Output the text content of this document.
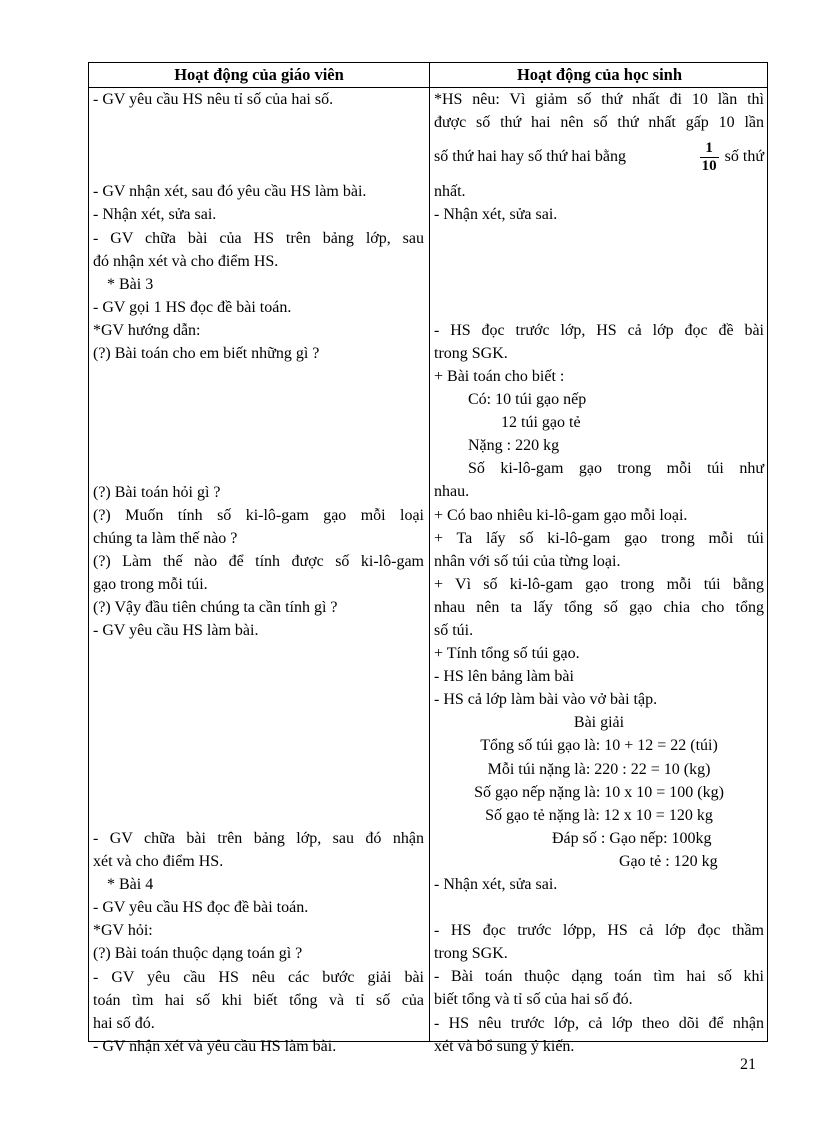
Hoạt động của giáo viên	Hoạt động của học sinh
- GV yêu cầu HS nêu tỉ số của hai số.
- GV nhận xét, sau đó yêu cầu HS làm bài.
- Nhận xét, sửa sai.
- GV chữa bài của HS trên bảng lớp, sau
đó nhận xét và cho điểm HS.
* Bài 3
- GV gọi 1 HS đọc đề bài toán.
*GV hướng dẫn:
(?) Bài toán cho em biết những gì ?
(?) Bài toán hỏi gì ?
(?) Muốn tính số ki-lô-gam gạo mỗi loại
chúng ta làm thế nào ?
(?) Làm thế nào để tính được số ki-lô-gam
gạo trong mỗi túi.
(?) Vậy đầu tiên chúng ta cần tính gì ?
- GV yêu cầu HS làm bài.
- GV chữa bài trên bảng lớp, sau đó nhận
xét và cho điểm HS.
* Bài 4
- GV yêu cầu HS đọc đề bài toán.
*GV hỏi:
(?) Bài toán thuộc dạng toán gì ?
- GV yêu cầu HS nêu các bước giải bài
toán tìm hai số khi biết tổng và tỉ số của
hai số đó.
- GV nhận xét và yêu cầu HS làm bài.
*HS nêu: Vì giảm số thứ nhất đi 10 lần thì
được số thứ hai nên số thứ nhất gấp 10 lần
số thứ hai hay số thứ hai bằng	$\frac{1}{10}$ số thứ
nhất.
- Nhận xét, sửa sai.
- HS đọc trước lớp, HS cả lớp đọc đề bài
trong SGK.
+ Bài toán cho biết :
Có: 10 túi gạo nếp
12 túi gạo tẻ
Nặng : 220 kg
Số ki-lô-gam gạo trong mỗi túi như
nhau.
+ Có bao nhiêu ki-lô-gam gạo mỗi loại.
+ Ta lấy số ki-lô-gam gạo trong mỗi túi
nhân với số túi của từng loại.
+ Vì số ki-lô-gam gạo trong mỗi túi bằng
nhau nên ta lấy tổng số gạo chia cho tổng
số túi.
+ Tính tổng số túi gạo.
- HS lên bảng làm bài
- HS cả lớp làm bài vào vở bài tập.
Bài giải
Tổng số túi gạo là: 10 + 12 = 22 (túi)
Mỗi túi nặng là: 220 : 22 = 10 (kg)
Số gạo nếp nặng là: 10 x 10 = 100 (kg)
Số gạo tẻ nặng là: 12 x 10 = 120 kg
Đáp số : Gạo nếp: 100kg
Gạo tẻ : 120 kg
- Nhận xét, sửa sai.
- HS đọc trước lớpp, HS cả lớp đọc thầm
trong SGK.
- Bài toán thuộc dạng toán tìm hai số khi
biết tổng và tỉ số của hai số đó.
- HS nêu trước lớp, cả lớp theo dõi để nhận
xét và bổ sung ý kiến.
21
